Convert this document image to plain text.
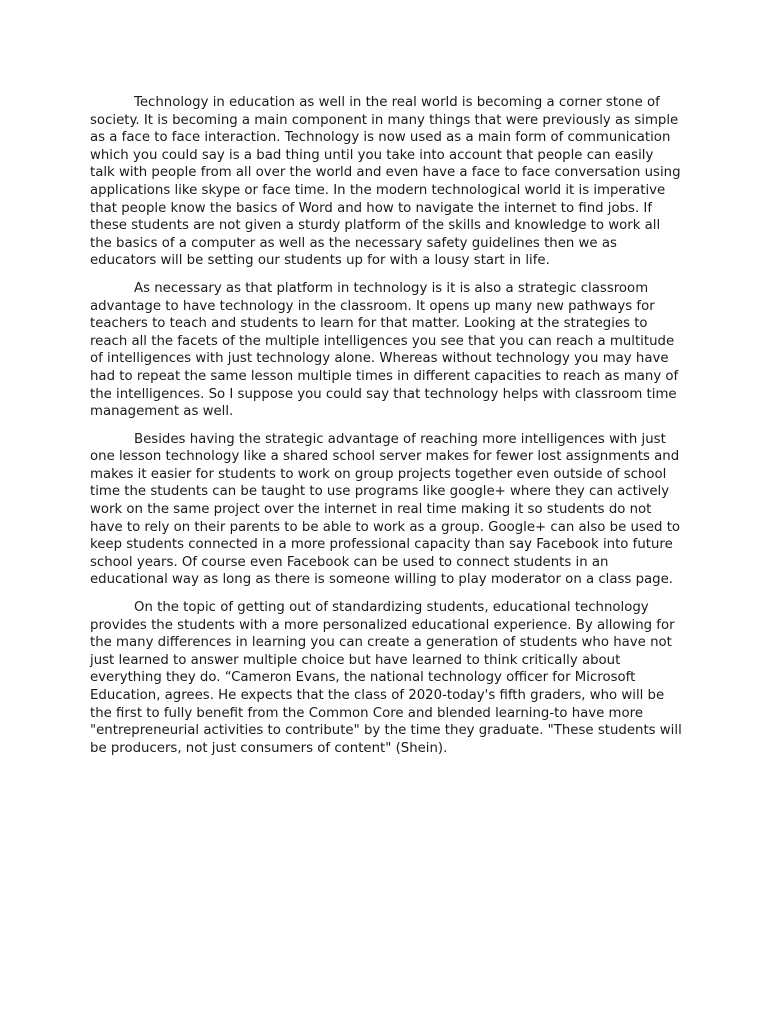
Technology in education as well in the real world is becoming a corner stone of society. It is becoming a main component in many things that were previously as simple as a face to face interaction. Technology is now used as a main form of communication which you could say is a bad thing until you take into account that people can easily talk with people from all over the world and even have a face to face conversation using applications like skype or face time. In the modern technological world it is imperative that people know the basics of Word and how to navigate the internet to find jobs. If these students are not given a sturdy platform of the skills and knowledge to work all the basics of a computer as well as the necessary safety guidelines then we as educators will be setting our students up for with a lousy start in life.

As necessary as that platform in technology is it is also a strategic classroom advantage to have technology in the classroom. It opens up many new pathways for teachers to teach and students to learn for that matter. Looking at the strategies to reach all the facets of the multiple intelligences you see that you can reach a multitude of intelligences with just technology alone. Whereas without technology you may have had to repeat the same lesson multiple times in different capacities to reach as many of the intelligences. So I suppose you could say that technology helps with classroom time management as well.

Besides having the strategic advantage of reaching more intelligences with just one lesson technology like a shared school server makes for fewer lost assignments and makes it easier for students to work on group projects together even outside of school time the students can be taught to use programs like google+ where they can actively work on the same project over the internet in real time making it so students do not have to rely on their parents to be able to work as a group. Google+ can also be used to keep students connected in a more professional capacity than say Facebook into future school years. Of course even Facebook can be used to connect students in an educational way as long as there is someone willing to play moderator on a class page.

On the topic of getting out of standardizing students, educational technology provides the students with a more personalized educational experience. By allowing for the many differences in learning you can create a generation of students who have not just learned to answer multiple choice but have learned to think critically about everything they do. “Cameron Evans, the national technology officer for Microsoft Education, agrees. He expects that the class of 2020-today's fifth graders, who will be the first to fully benefit from the Common Core and blended learning-to have more "entrepreneurial activities to contribute" by the time they graduate. "These students will be producers, not just consumers of content" (Shein).
